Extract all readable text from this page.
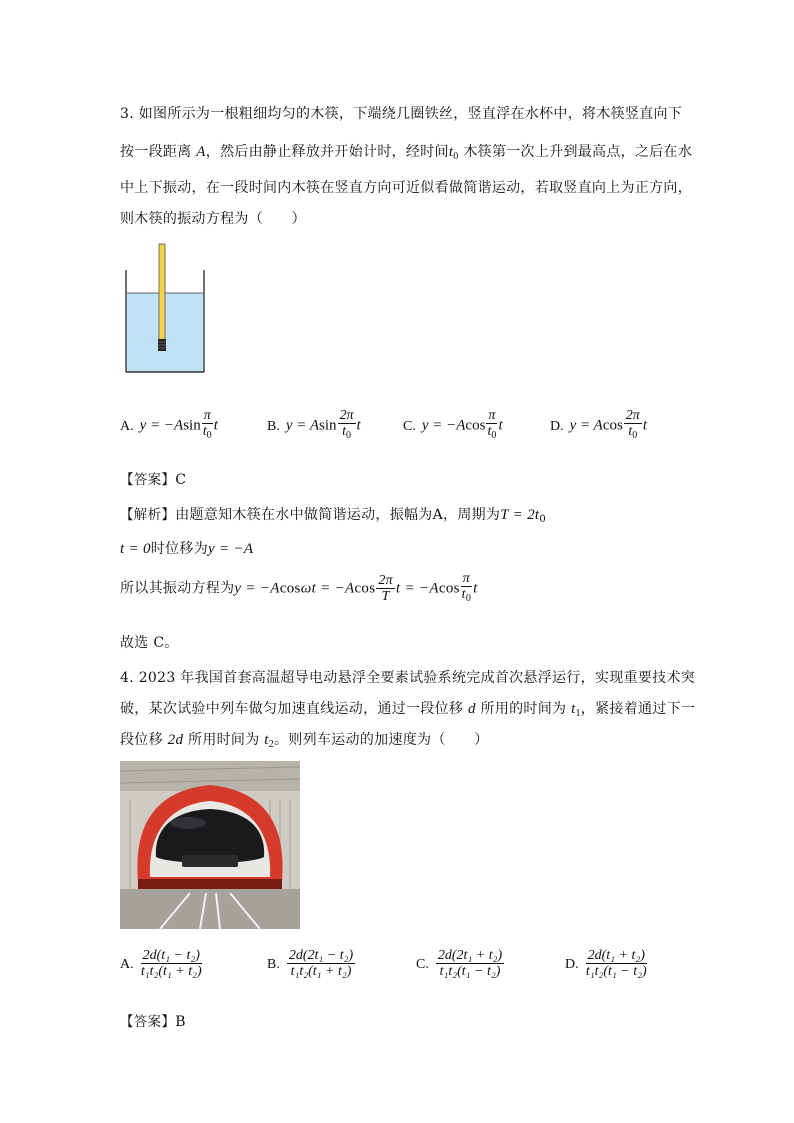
3. 如图所示为一根粗细均匀的木筷，下端绕几圈铁丝，竖直浮在水杯中，将木筷竖直向下
按一段距离 A，然后由静止释放并开始计时，经时间$t_0$ 木筷第一次上升到最高点，之后在水
中上下振动，在一段时间内木筷在竖直方向可近似看做简谐运动，若取竖直向上为正方向，
则木筷的振动方程为（　　）
A. $y = -Asin \frac{\pi}{t_0}$ t	B. y = Asin $\frac{2\pi}{t_0}$ t	C. $y = -Acos \frac{\pi}{t_0}$ t	D. y = Acos $\frac{2\pi}{t_0}$ t
【答案】C
【解析】由题意知木筷在水中做简谐运动，振幅为A，周期为$T = 2t_0$
t = 0时位移为y = −A
所以其振动方程为$y = -Acos\omega t = -Acos \frac{2\pi}{T}$ $t = -Acos \frac{\pi}{t_0}$ t
故选 C。
4. 2023 年我国首套高温超导电动悬浮全要素试验系统完成首次悬浮运行，实现重要技术突
破，某次试验中列车做匀加速直线运动，通过一段位移 d 所用的时间为 $t_1$，紧接着通过下一
段位移 2d 所用时间为 $t_2$。则列车运动的加速度为（　　）
A. $\frac{\text{2d(t₁ − t₂)}}{\text{t₁t₂(t₁ + t₂)}}$	B. $\frac{\text{2d(2t₁ − t₂)}}{\text{t₁t₂(t₁ + t₂)}}$	C. $\frac{\text{2d(2t₁ + t₂)}}{\text{t₁t₂(t₁ − t₂)}}$	D. $\frac{\text{2d(t₁ + t₂)}}{\text{t₁t₂(t₁ − t₂)}}$
【答案】B
